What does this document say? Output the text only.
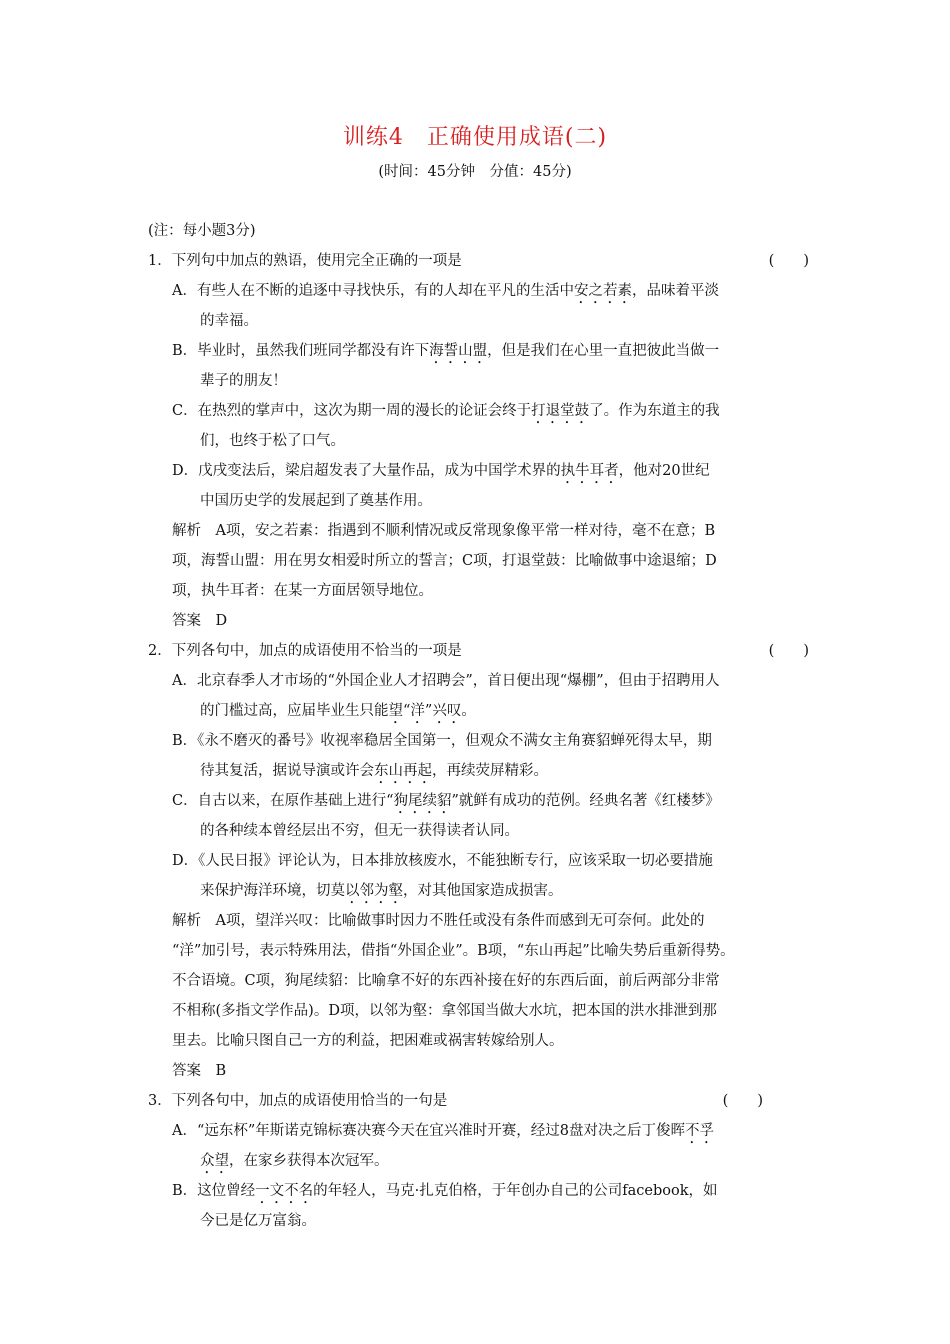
训练4　正确使用成语(二)
(时间：45分钟　分值：45分)
(注：每小题3分)
1．下列句中加点的熟语，使用完全正确的一项是	(　　)
A．有些人在不断的追逐中寻找快乐，有的人却在平凡的生活中安之若素，品味着平淡
的幸福。
B．毕业时，虽然我们班同学都没有许下海誓山盟，但是我们在心里一直把彼此当做一
辈子的朋友！
C．在热烈的掌声中，这次为期一周的漫长的论证会终于打退堂鼓了。作为东道主的我
们，也终于松了口气。
D．戊戌变法后，梁启超发表了大量作品，成为中国学术界的执牛耳者，他对20世纪
中国历史学的发展起到了奠基作用。
解析　A项，安之若素：指遇到不顺利情况或反常现象像平常一样对待，毫不在意；B
项，海誓山盟：用在男女相爱时所立的誓言；C项，打退堂鼓：比喻做事中途退缩；D
项，执牛耳者：在某一方面居领导地位。
答案　D
2．下列各句中，加点的成语使用不恰当的一项是	(　　)
A．北京春季人才市场的“外国企业人才招聘会”，首日便出现“爆棚”，但由于招聘用人
的门槛过高，应届毕业生只能望“洋”兴叹。
B．《永不磨灭的番号》收视率稳居全国第一，但观众不满女主角赛貂蝉死得太早，期
待其复活，据说导演或许会东山再起，再续荧屏精彩。
C．自古以来，在原作基础上进行“狗尾续貂”就鲜有成功的范例。经典名著《红楼梦》
的各种续本曾经层出不穷，但无一获得读者认同。
D．《人民日报》评论认为，日本排放核废水，不能独断专行，应该采取一切必要措施
来保护海洋环境，切莫以邻为壑，对其他国家造成损害。
解析　A项，望洋兴叹：比喻做事时因力不胜任或没有条件而感到无可奈何。此处的
“洋”加引号，表示特殊用法，借指“外国企业”。B项，“东山再起”比喻失势后重新得势。
不合语境。C项，狗尾续貂：比喻拿不好的东西补接在好的东西后面，前后两部分非常
不相称(多指文学作品)。D项，以邻为壑：拿邻国当做大水坑，把本国的洪水排泄到那
里去。比喻只图自己一方的利益，把困难或祸害转嫁给别人。
答案　B
3．下列各句中，加点的成语使用恰当的一句是	(　　)
A．“远东杯”年斯诺克锦标赛决赛今天在宜兴准时开赛，经过8盘对决之后丁俊晖不孚
众望，在家乡获得本次冠军。
B．这位曾经一文不名的年轻人，马克·扎克伯格，于年创办自己的公司facebook，如
今已是亿万富翁。
